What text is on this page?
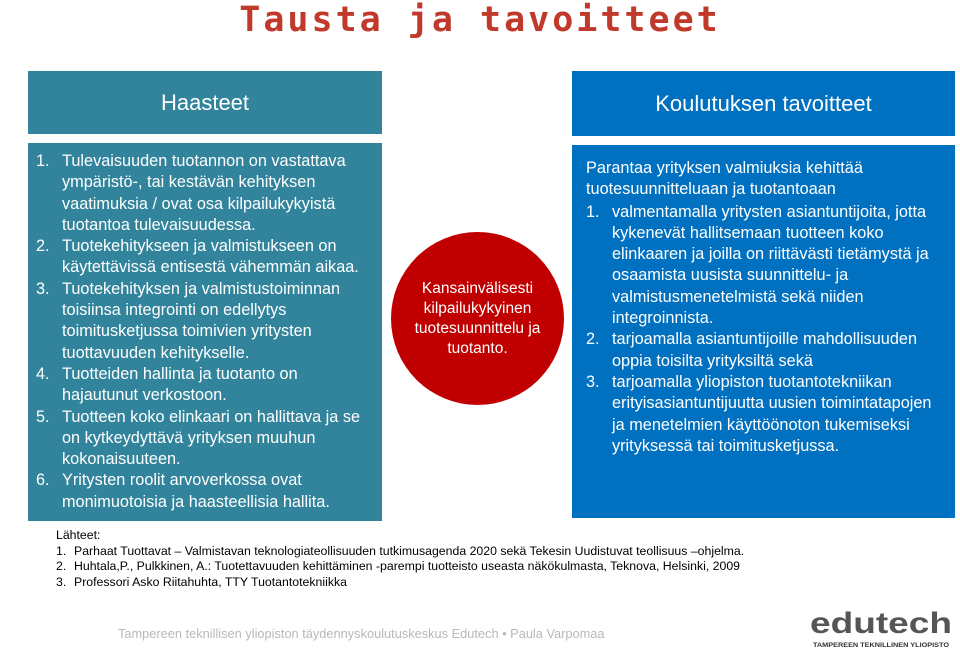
Tausta ja tavoitteet
Haasteet
1. Tulevaisuuden tuotannon on vastattava ympäristö-, tai kestävän kehityksen vaatimuksia / ovat osa kilpailukykyistä tuotantoa tulevaisuudessa.
2. Tuotekehitykseen ja valmistukseen on käytettävissä entisestä vähemmän aikaa.
3. Tuotekehityksen ja valmistustoiminnan toisiinsa integrointi on edellytys toimitusketjussa toimivien yritysten tuottavuuden kehitykselle.
4. Tuotteiden hallinta ja tuotanto on hajautunut verkostoon.
5. Tuotteen koko elinkaari on hallittava ja se on kytkeydyttävä yrityksen muuhun kokonaisuuteen.
6. Yritysten roolit arvoverkossa ovat monimuotoisia ja haasteellisia hallita.
Kansainvälisesti kilpailukykyinen tuotesuunnittelu ja tuotanto.
Koulutuksen tavoitteet

Parantaa yrityksen valmiuksia kehittää tuotesuunnitteluaan ja tuotantoaan

1. valmentamalla yritysten asiantuntijoita, jotta kykenevät hallitsemaan tuotteen koko elinkaaren ja joilla on riittävästi tietämystä ja osaamista uusista suunnittelu- ja valmistusmenetelmistä sekä niiden integroinnista.
2. tarjoamalla asiantuntijoille mahdollisuuden oppia toisilta yrityksiltä sekä
3. tarjoamalla yliopiston tuotantotekniikan erityisasiantuntijuutta uusien toimintatapojen ja menetelmien käyttöönoton tukemiseksi yrityksessä tai toimitusketjussa.
Lähteet:
1. Parhaat Tuottavat – Valmistavan teknologiateollisuuden tutkimusagenda 2020 sekä Tekesin Uudistuvat teollisuus –ohjelma.
2. Huhtala,P., Pulkkinen, A.: Tuotettavuuden kehittäminen -parempi tuotteisto useasta näkökulmasta, Teknova, Helsinki, 2009
3. Professori Asko Riitahuhta, TTY Tuotantotekniikka
Tampereen teknillisen yliopiston täydennyskoulutuskeskus Edutech • Paula Varpomaa	edutech
TAMPEREEN TEKNILLINEN YLIOPISTO
